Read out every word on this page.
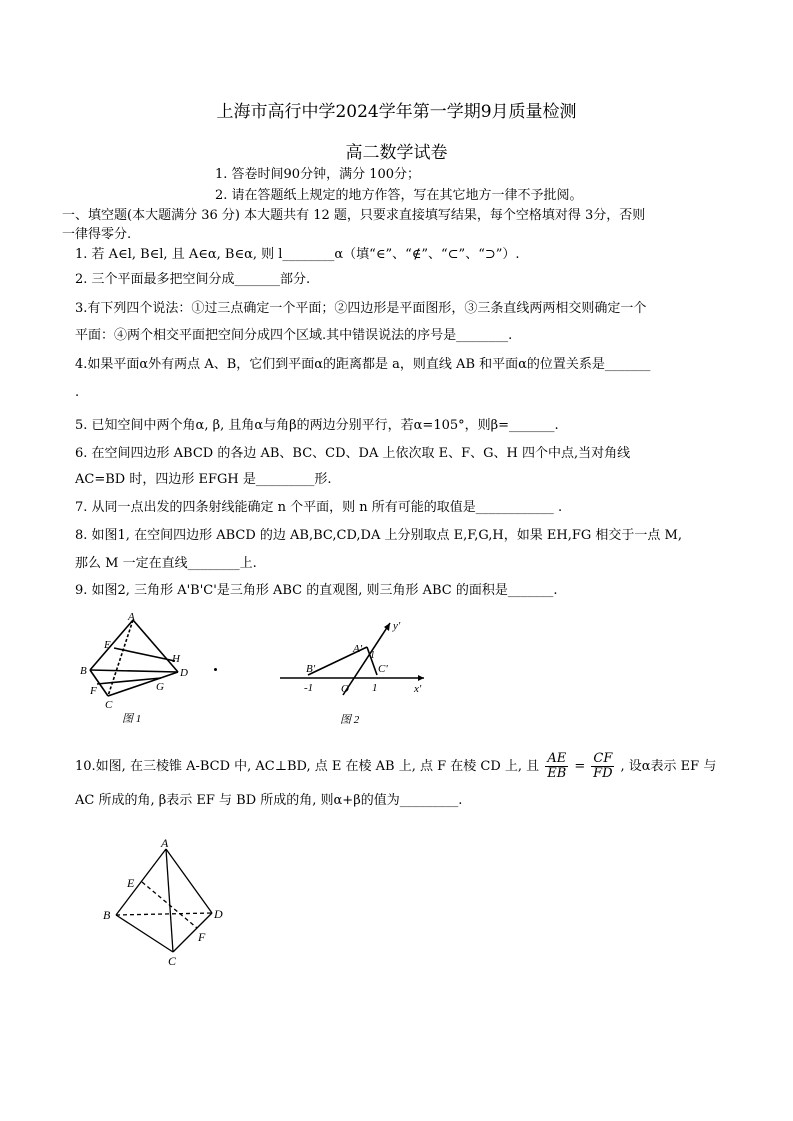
上海市高行中学2024学年第一学期9月质量检测
高二数学试卷
1. 答卷时间90分钟，满分 100分；
2. 请在答题纸上规定的地方作答，写在其它地方一律不予批阅。
一、填空题(本大题满分 36 分) 本大题共有 12 题，只要求直接填写结果，每个空格填对得 3分，否则
一律得零分.
1. 若 A∈l, B∈l, 且 A∈α, B∈α, 则 l________α（填“∈”、“∉”、“⊂”、“⊃”）.
2. 三个平面最多把空间分成_______部分.
3.有下列四个说法：①过三点确定一个平面；②四边形是平面图形，③三条直线两两相交则确定一个
平面：④两个相交平面把空间分成四个区域.其中错误说法的序号是________.
4.如果平面α外有两点 A、B，它们到平面α的距离都是 a，则直线 AB 和平面α的位置关系是_______
.
5. 已知空间中两个角α, β, 且角α与角β的两边分别平行，若α=105°，则β=_______.
6. 在空间四边形 ABCD 的各边 AB、BC、CD、DA 上依次取 E、F、G、H 四个中点,当对角线
AC=BD 时，四边形 EFGH 是_________形.
7. 从同一点出发的四条射线能确定 n 个平面，则 n 所有可能的取值是____________ .
8. 如图1, 在空间四边形 ABCD 的边 AB,BC,CD,DA 上分别取点 E,F,G,H，如果 EH,FG 相交于一点 M,
那么 M 一定在直线________上.
9. 如图2, 三角形 A'B'C'是三角形 ABC 的直观图, 则三角形 ABC 的面积是_______.
A
B
C
D
E
F	G
H
图 1
A'
B'	C'
O	x'
y'
-1	1
1
图 2
10.如图, 在三棱锥 A-BCD 中, AC⊥BD, 点 E 在棱 AB 上, 点 F 在棱 CD 上, 且 $\frac{AE}{EB} = \frac{CF}{FD}$ , 设α表示 EF 与
AC 所成的角, β表示 EF 与 BD 所成的角, 则α+β的值为_________.
A
B
C
D
E
F
